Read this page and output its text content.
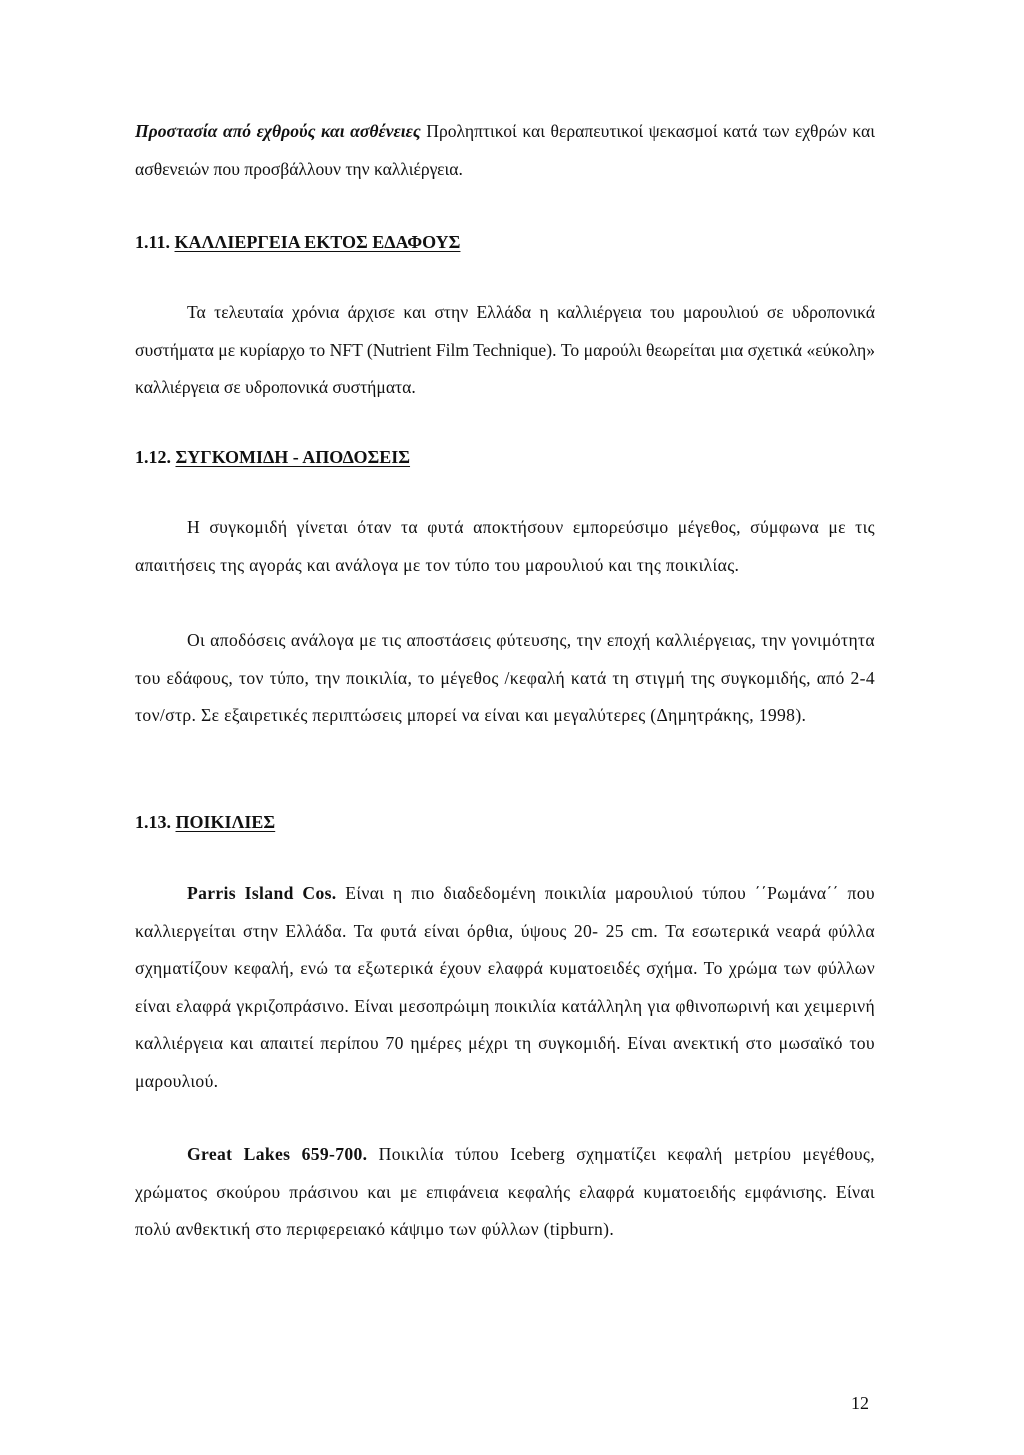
Προστασία από εχθρούς και ασθένειες Προληπτικοί και θεραπευτικοί ψεκασμοί κατά των εχθρών και ασθενειών που προσβάλλουν την καλλιέργεια.
1.11. ΚΑΛΛΙΕΡΓΕΙΑ ΕΚΤΟΣ ΕΔΑΦΟΥΣ
Τα τελευταία χρόνια άρχισε και στην Ελλάδα η καλλιέργεια του μαρουλιού σε υδροπονικά συστήματα με κυρίαρχο το NFT (Nutrient Film Technique). Το μαρούλι θεωρείται μια σχετικά «εύκολη» καλλιέργεια σε υδροπονικά συστήματα.
1.12. ΣΥΓΚΟΜΙΔΗ - ΑΠΟΔΟΣΕΙΣ
Η συγκομιδή γίνεται όταν τα φυτά αποκτήσουν εμπορεύσιμο μέγεθος, σύμφωνα με τις απαιτήσεις της αγοράς και ανάλογα με τον τύπο του μαρουλιού και της ποικιλίας.
Οι αποδόσεις ανάλογα με τις αποστάσεις φύτευσης, την εποχή καλλιέργειας, την γονιμότητα του εδάφους, τον τύπο, την ποικιλία, το μέγεθος /κεφαλή κατά τη στιγμή της συγκομιδής, από 2-4 τον/στρ. Σε εξαιρετικές περιπτώσεις μπορεί να είναι και μεγαλύτερες (Δημητράκης, 1998).
1.13. ΠΟΙΚΙΛΙΕΣ
Parris Island Cos. Είναι η πιο διαδεδομένη ποικιλία μαρουλιού τύπου ΄΄Ρωμάνα΄΄ που καλλιεργείται στην Ελλάδα. Τα φυτά είναι όρθια, ύψους 20- 25 cm. Τα εσωτερικά νεαρά φύλλα σχηματίζουν κεφαλή, ενώ τα εξωτερικά έχουν ελαφρά κυματοειδές σχήμα. Το χρώμα των φύλλων είναι ελαφρά γκριζοπράσινο. Είναι μεσοπρώιμη ποικιλία κατάλληλη για φθινοπωρινή και χειμερινή καλλιέργεια και απαιτεί περίπου 70 ημέρες μέχρι τη συγκομιδή. Είναι ανεκτική στο μωσαϊκό του μαρουλιού.
Great Lakes 659-700. Ποικιλία τύπου Iceberg σχηματίζει κεφαλή μετρίου μεγέθους, χρώματος σκούρου πράσινου και με επιφάνεια κεφαλής ελαφρά κυματοειδής εμφάνισης. Είναι πολύ ανθεκτική στο περιφερειακό κάψιμο των φύλλων (tipburn).
12
